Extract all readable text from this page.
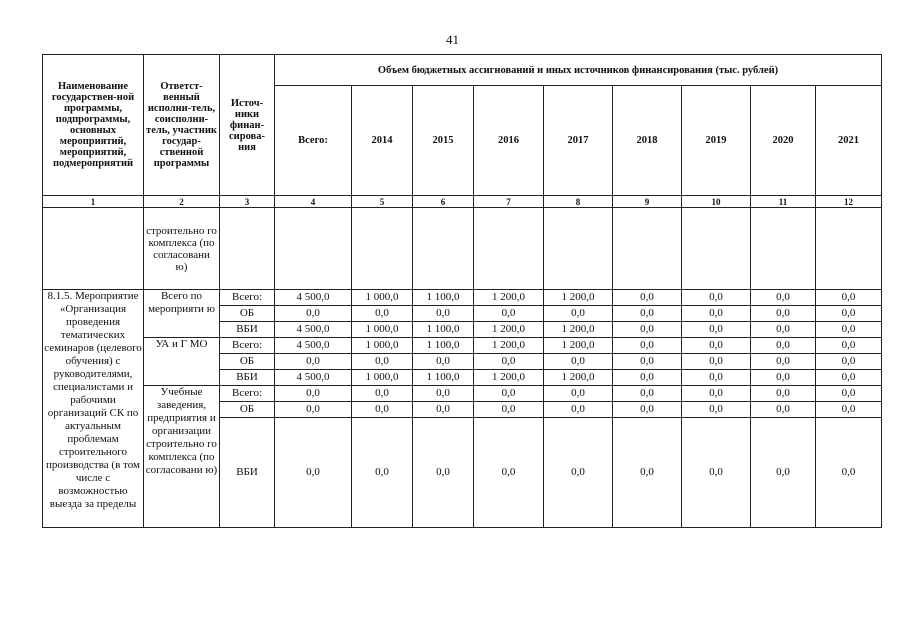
41
Наименование государствен-ной программы, подпрограммы, основных мероприятий, мероприятий, подмероприятий	Ответст-венный исполни-тель, соисполни-тель, участник государ-ственной программы	Источ-ники финан-сирова-ния	Объем бюджетных ассигнований и иных источников финансирования (тыс. рублей)								
			Всего:	2014	2015	2016	2017	2018	2019	2020	2021
1	2	3	4	5	6	7	8	9	10	11	12
	строительно го комплекса (по согласовани ю)										
8.1.5. Мероприятие «Организация проведения тематических семинаров (целевого обучения) с руководителями, специалистами и рабочими организаций СК по актуальным проблемам строительного производства (в том числе с возможностью выезда за пределы	Всего по мероприяти ю	Всего:	4 500,0	1 000,0	1 100,0	1 200,0	1 200,0	0,0	0,0	0,0	0,0
		ОБ	0,0	0,0	0,0	0,0	0,0	0,0	0,0	0,0	0,0
		ВБИ	4 500,0	1 000,0	1 100,0	1 200,0	1 200,0	0,0	0,0	0,0	0,0
	УА и Г МО	Всего:	4 500,0	1 000,0	1 100,0	1 200,0	1 200,0	0,0	0,0	0,0	0,0
		ОБ	0,0	0,0	0,0	0,0	0,0	0,0	0,0	0,0	0,0
		ВБИ	4 500,0	1 000,0	1 100,0	1 200,0	1 200,0	0,0	0,0	0,0	0,0
	Учебные заведения, предприятия и организации строительно го комплекса (по согласовани ю)	Всего:	0,0	0,0	0,0	0,0	0,0	0,0	0,0	0,0	0,0
		ОБ	0,0	0,0	0,0	0,0	0,0	0,0	0,0	0,0	0,0
		ВБИ	0,0	0,0	0,0	0,0	0,0	0,0	0,0	0,0	0,0
